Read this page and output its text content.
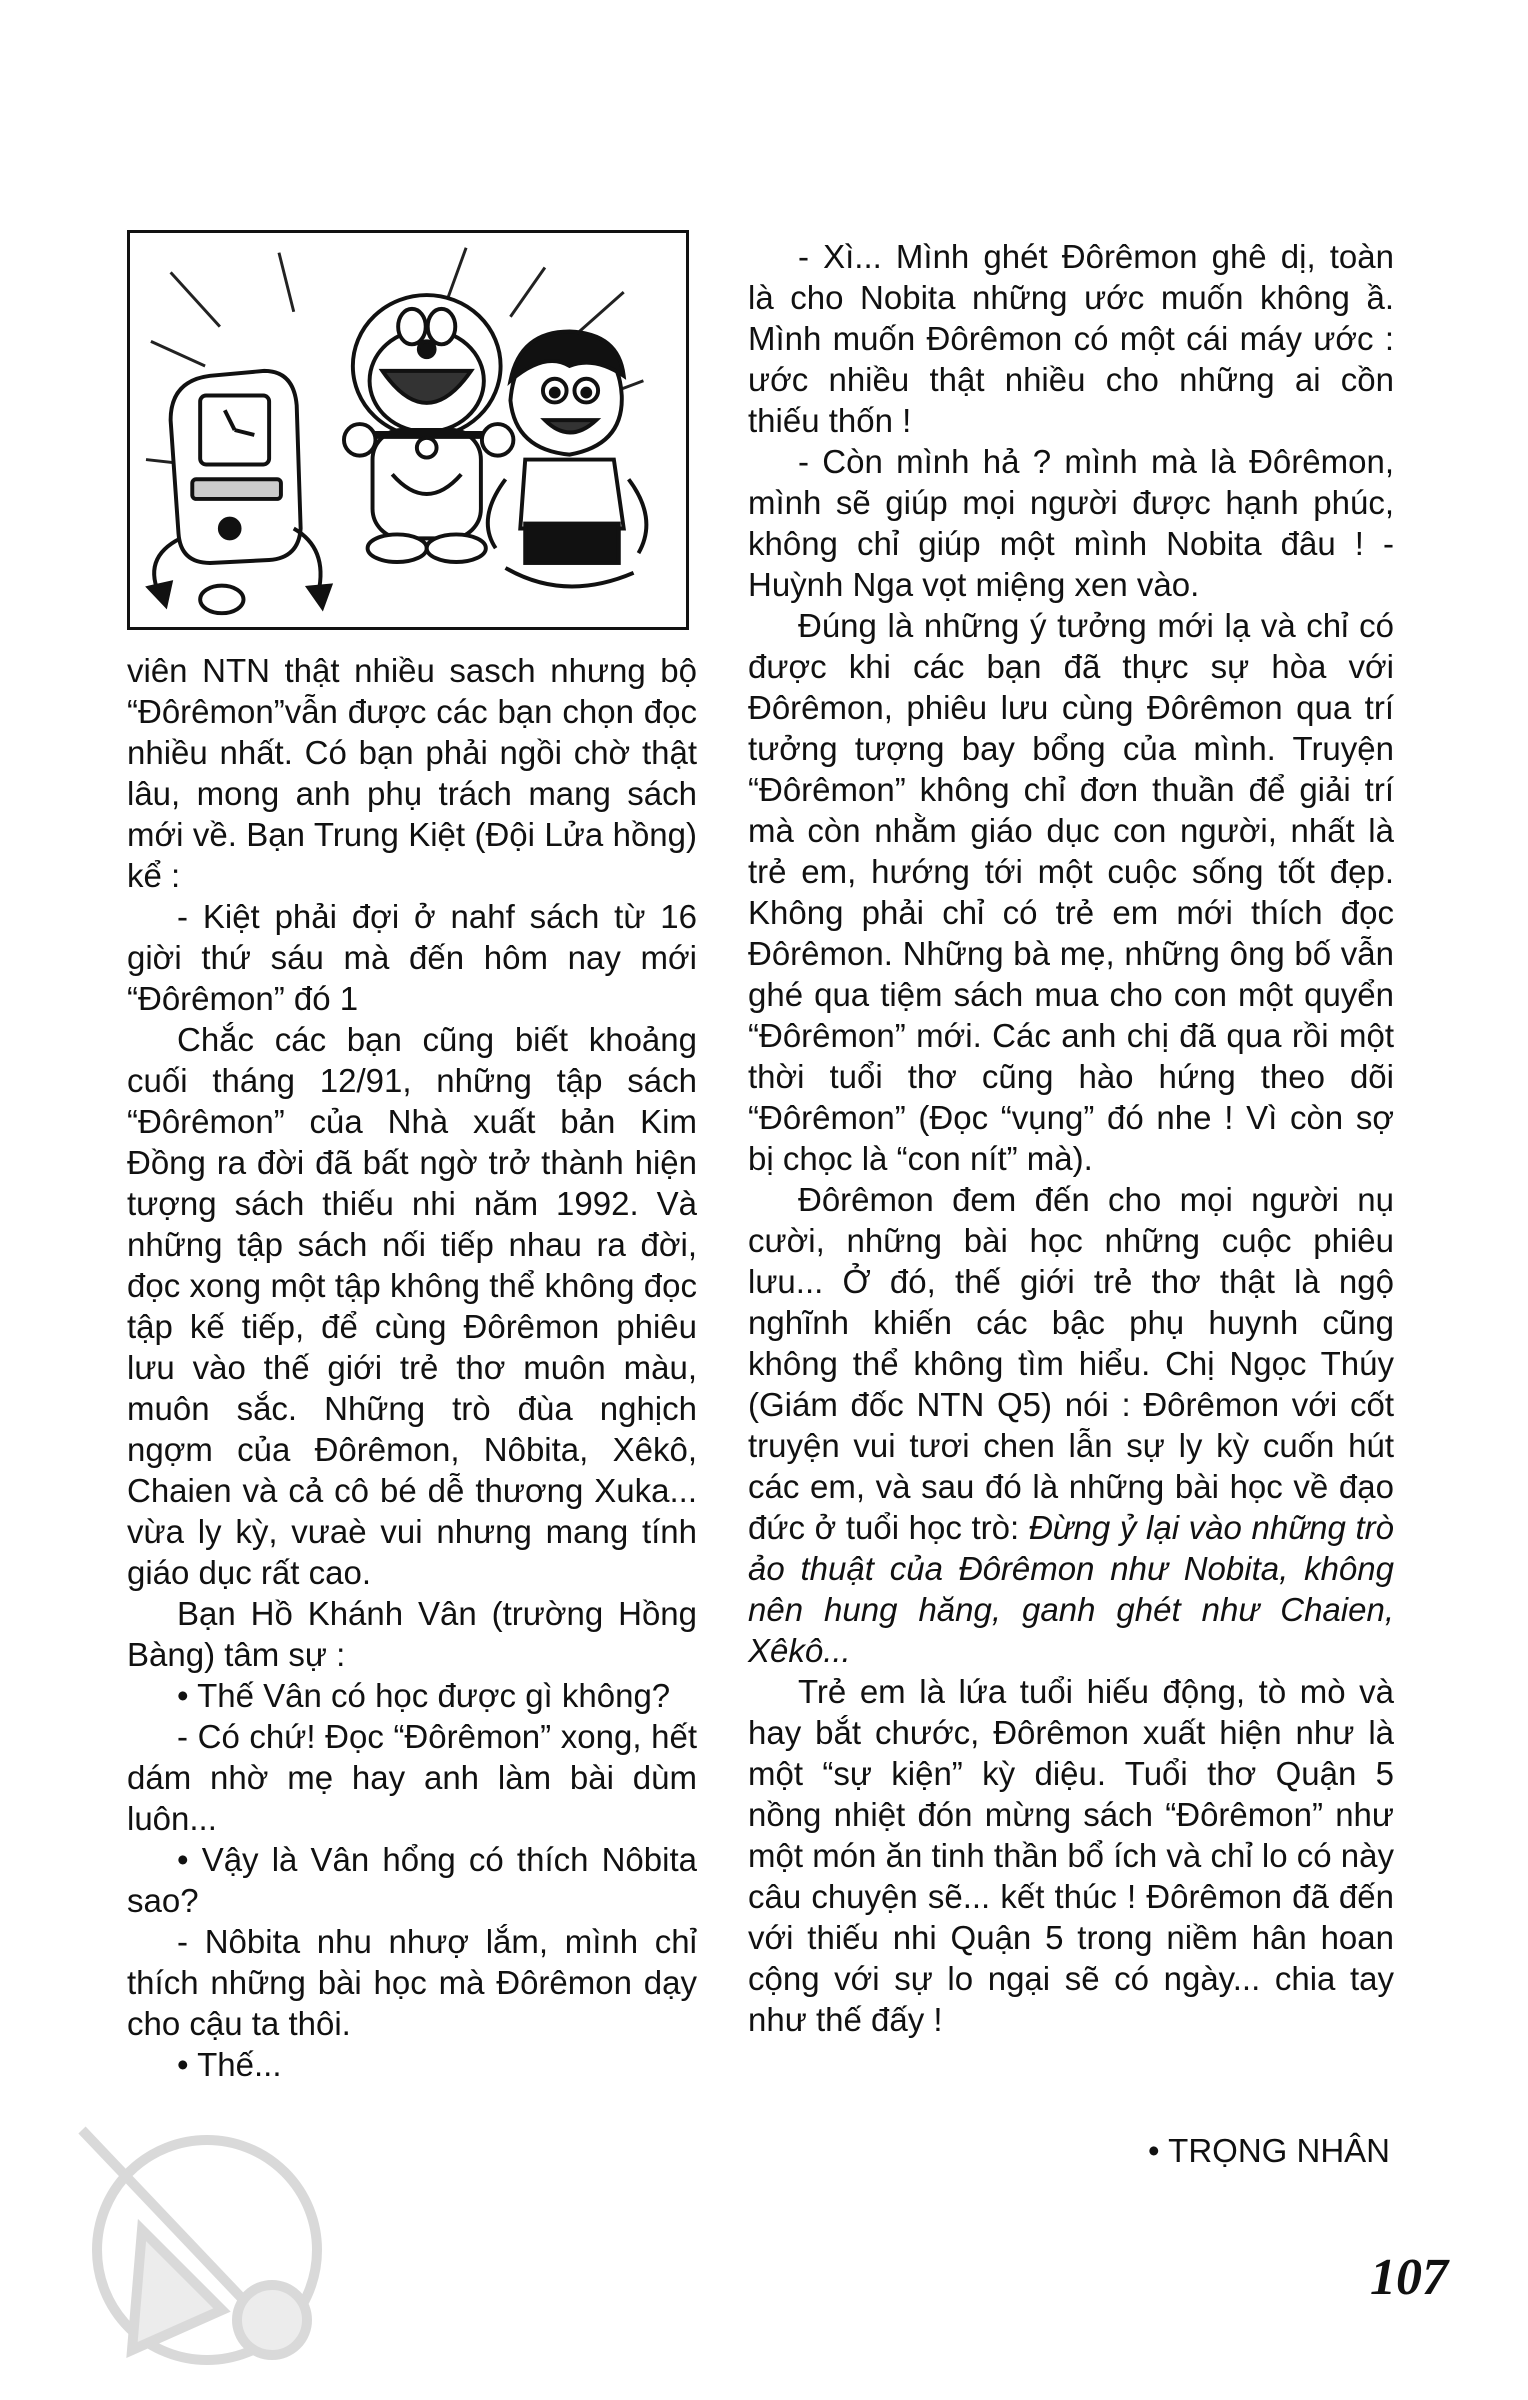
viên NTN thật nhiều sasch nhưng bộ “Đôrêmon”vẫn được các bạn chọn đọc nhiều nhất. Có bạn phải ngồi chờ thật lâu, mong anh phụ trách mang sách mới về. Bạn Trung Kiệt (Đội Lửa hồng) kể :

- Kiệt phải đợi ở nahf sách từ 16 giời thứ sáu mà đến hôm nay mới “Đôrêmon” đó 1

Chắc các bạn cũng biết khoảng cuối tháng 12/91, những tập sách “Đôrêmon” của Nhà xuất bản Kim Đồng ra đời đã bất ngờ trở thành hiện tượng sách thiếu nhi năm 1992. Và những tập sách nối tiếp nhau ra đời, đọc xong một tập không thể không đọc tập kế tiếp, để cùng Đôrêmon phiêu lưu vào thế giới trẻ thơ muôn màu, muôn sắc. Những trò đùa nghịch ngợm của Đôrêmon, Nôbita, Xêkô, Chaien và cả cô bé dễ thương Xuka... vừa ly kỳ, vưaè vui nhưng mang tính giáo dục rất cao.

Bạn Hồ Khánh Vân (trường Hồng Bàng) tâm sự :

• Thế Vân có học được gì không?

- Có chứ! Đọc “Đôrêmon” xong, hết dám nhờ mẹ hay anh làm bài dùm luôn...

• Vậy là Vân hổng có thích Nôbita sao?

- Nôbita nhu nhượ lắm, mình chỉ thích những bài học mà Đôrêmon dạy cho cậu ta thôi.

• Thế...

- Xì... Mình ghét Đôrêmon ghê dị, toàn là cho Nobita những ước muốn không ầ. Mình muốn Đôrêmon có một cái máy ước : ước nhiều thật nhiều cho những ai cồn thiếu thốn !

- Còn mình hả ? mình mà là Đôrêmon, mình sẽ giúp mọi người được hạnh phúc, không chỉ giúp một mình Nobita đâu ! - Huỳnh Nga vọt miệng xen vào.

Đúng là những ý tưởng mới lạ và chỉ có được khi các bạn đã thực sự hòa với Đôrêmon, phiêu lưu cùng Đôrêmon qua trí tưởng tượng bay bổng của mình. Truyện “Đôrêmon” không chỉ đơn thuần để giải trí mà còn nhằm giáo dục con người, nhất là trẻ em, hướng tới một cuộc sống tốt đẹp. Không phải chỉ có trẻ em mới thích đọc Đôrêmon. Những bà mẹ, những ông bố vẫn ghé qua tiệm sách mua cho con một quyển “Đôrêmon” mới. Các anh chị đã qua rồi một thời tuổi thơ cũng hào hứng theo dõi “Đôrêmon” (Đọc “vụng” đó nhe ! Vì còn sợ bị chọc là “con nít” mà).

Đôrêmon đem đến cho mọi người nụ cười, những bài học những cuộc phiêu lưu... Ở đó, thế giới trẻ thơ thật là ngộ nghĩnh khiến các bậc phụ huynh cũng không thể không tìm hiểu. Chị Ngọc Thúy (Giám đốc NTN Q5) nói : Đôrêmon với cốt truyện vui tươi chen lẫn sự ly kỳ cuốn hút các em, và sau đó là những bài học về đạo đức ở tuổi học trò: Đừng ỷ lại vào những trò ảo thuật của Đôrêmon như Nobita, không nên hung hăng, ganh ghét như Chaien, Xêkô...

Trẻ em là lứa tuổi hiếu động, tò mò và hay bắt chước, Đôrêmon xuất hiện như là một “sự kiện” kỳ diệu. Tuổi thơ Quận 5 nồng nhiệt đón mừng sách “Đôrêmon” như một món ăn tinh thần bổ ích và chỉ lo có này câu chuyện sẽ... kết thúc ! Đôrêmon đã đến với thiếu nhi Quận 5 trong niềm hân hoan cộng với sự lo ngại sẽ có ngày... chia tay như thế đấy !

• TRỌNG NHÂN
107
